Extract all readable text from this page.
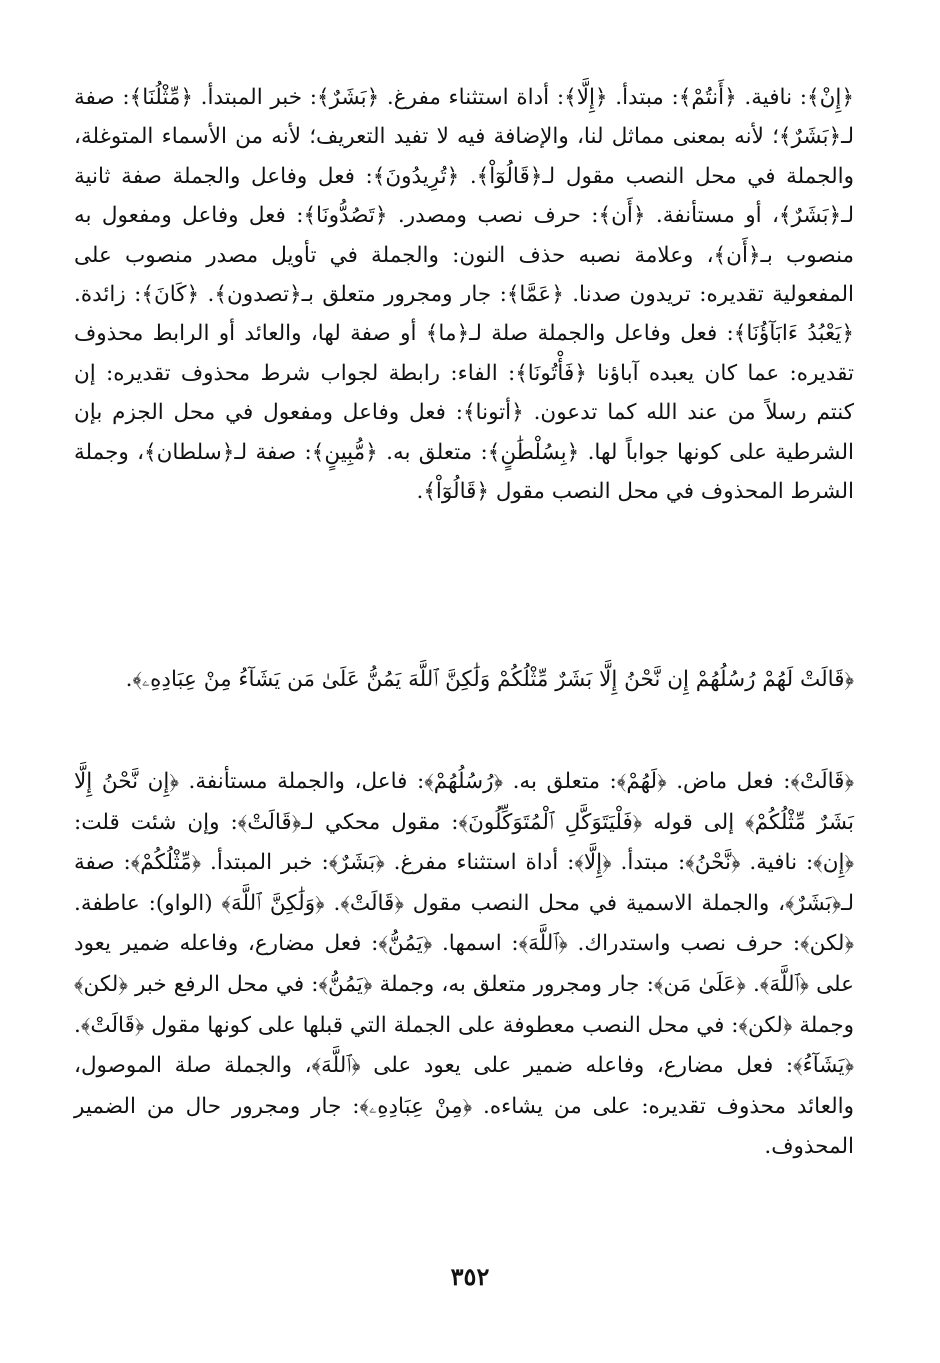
﴿إِنْ﴾: نافية. ﴿أَنتُمْ﴾: مبتدأ. ﴿إِلَّا﴾: أداة استثناء مفرغ. ﴿بَشَرٌ﴾: خبر المبتدأ. ﴿مِّثْلُنَا﴾: صفة لـ﴿بَشَرٌ﴾؛ لأنه بمعنى مماثل لنا، والإضافة فيه لا تفيد التعريف؛ لأنه من الأسماء المتوغلة، والجملة في محل النصب مقول لـ﴿قَالُوٓاْ﴾. ﴿تُرِيدُونَ﴾: فعل وفاعل والجملة صفة ثانية لـ﴿بَشَرٌ﴾، أو مستأنفة. ﴿أَن﴾: حرف نصب ومصدر. ﴿تَصُدُّونَا﴾: فعل وفاعل ومفعول به منصوب بـ﴿أَن﴾، وعلامة نصبه حذف النون: والجملة في تأويل مصدر منصوب على المفعولية تقديره: تريدون صدنا. ﴿عَمَّا﴾: جار ومجرور متعلق بـ﴿تصدون﴾. ﴿كَانَ﴾: زائدة. ﴿يَعْبُدُ ءَابَآؤُنَا﴾: فعل وفاعل والجملة صلة لـ﴿ما﴾ أو صفة لها، والعائد أو الرابط محذوف تقديره: عما كان يعبده آباؤنا ﴿فَأْتُونَا﴾: الفاء: رابطة لجواب شرط محذوف تقديره: إن كنتم رسلاً من عند الله كما تدعون. ﴿أتونا﴾: فعل وفاعل ومفعول في محل الجزم بإن الشرطية على كونها جواباً لها. ﴿بِسُلْطَٰنٍ﴾: متعلق به. ﴿مُّبِينٍ﴾: صفة لـ﴿سلطان﴾، وجملة الشرط المحذوف في محل النصب مقول ﴿قَالُوٓاْ﴾.

﴿قَالَتْ لَهُمْ رُسُلُهُمْ إِن نَّحْنُ إِلَّا بَشَرٌ مِّثْلُكُمْ وَلَٰكِنَّ ٱللَّهَ يَمُنُّ عَلَىٰ مَن يَشَآءُ مِنْ عِبَادِهِۦ﴾.

﴿قَالَتْ﴾: فعل ماض. ﴿لَهُمْ﴾: متعلق به. ﴿رُسُلُهُمْ﴾: فاعل، والجملة مستأنفة. ﴿إِن نَّحْنُ إِلَّا بَشَرٌ مِّثْلُكُمْ﴾ إلى قوله ﴿فَلْيَتَوَكَّلِ ٱلْمُتَوَكِّلُونَ﴾: مقول محكي لـ﴿قَالَتْ﴾: وإن شئت قلت: ﴿إِن﴾: نافية. ﴿نَّحْنُ﴾: مبتدأ. ﴿إِلَّا﴾: أداة استثناء مفرغ. ﴿بَشَرٌ﴾: خبر المبتدأ. ﴿مِّثْلُكُمْ﴾: صفة لـ﴿بَشَرٌ﴾، والجملة الاسمية في محل النصب مقول ﴿قَالَتْ﴾. ﴿وَلَٰكِنَّ ٱللَّهَ﴾ (الواو): عاطفة. ﴿لكن﴾: حرف نصب واستدراك. ﴿ٱللَّهَ﴾: اسمها. ﴿يَمُنُّ﴾: فعل مضارع، وفاعله ضمير يعود على ﴿ٱللَّهَ﴾. ﴿عَلَىٰ مَن﴾: جار ومجرور متعلق به، وجملة ﴿يَمُنُّ﴾: في محل الرفع خبر ﴿لكن﴾ وجملة ﴿لكن﴾: في محل النصب معطوفة على الجملة التي قبلها على كونها مقول ﴿قَالَتْ﴾. ﴿يَشَآءُ﴾: فعل مضارع، وفاعله ضمير على يعود على ﴿ٱللَّهَ﴾، والجملة صلة الموصول، والعائد محذوف تقديره: على من يشاءه. ﴿مِنْ عِبَادِهِۦ﴾: جار ومجرور حال من الضمير المحذوف.

٣٥٢
